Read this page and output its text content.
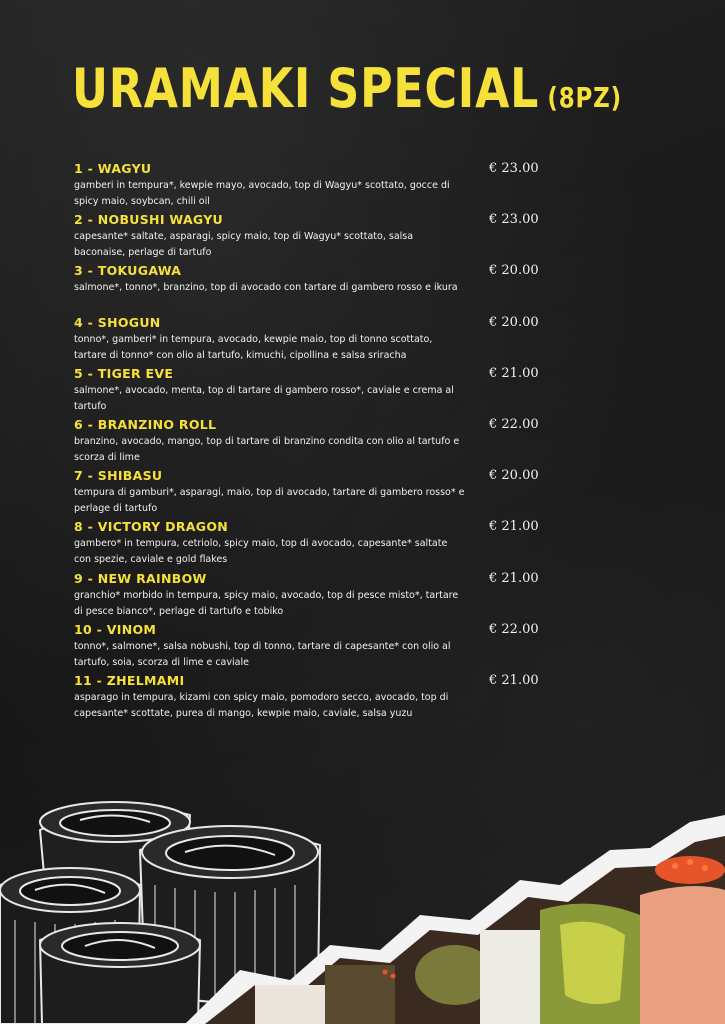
URAMAKI SPECIAL (8PZ)
1 - WAGYU	€ 23.00
gamberi in tempura*, kewpie mayo, avocado, top di Wagyu* scottato, gocce di spicy maio, soybcan, chili oil
2 - NOBUSHI WAGYU	€ 23.00
capesante* saltate, asparagi, spicy maio, top di Wagyu* scottato, salsa baconaise, perlage di tartufo
3 - TOKUGAWA	€ 20.00
salmone*, tonno*, branzino, top di avocado con tartare di gambero rosso e ikura
4 - SHOGUN	€ 20.00
tonno*, gamberi* in tempura, avocado, kewpie maio, top di tonno scottato, tartare di tonno* con olio al tartufo, kimuchi, cipollina e salsa sriracha
5 - TIGER EVE	€ 21.00
salmone*, avocado, menta, top di tartare di gambero rosso*, caviale e crema al tartufo
6 - BRANZINO ROLL	€ 22.00
branzino, avocado, mango, top di tartare di branzino condita con olio al tartufo e scorza di lime
7 - SHIBASU	€ 20.00
tempura di gamburi*, asparagi, maio, top di avocado, tartare di gambero rosso* e perlage di tartufo
8 - VICTORY DRAGON	€ 21.00
gambero* in tempura, cetriolo, spicy maio, top di avocado, capesante* saltate con spezie, caviale e gold flakes
9 - NEW RAINBOW	€ 21.00
granchio* morbido in tempura, spicy maio, avocado, top di pesce misto*, tartare di pesce bianco*, perlage di tartufo e tobiko
10 - VINOM	€ 22.00
tonno*, salmone*, salsa nobushi, top di tonno, tartare di capesante* con olio al tartufo, soia, scorza di lime e caviale
11 - ZHELMAMI	€ 21.00
asparago in tempura, kizami con spicy maio, pomodoro secco, avocado, top di capesante* scottate, purea di mango, kewpie maio, caviale, salsa yuzu
